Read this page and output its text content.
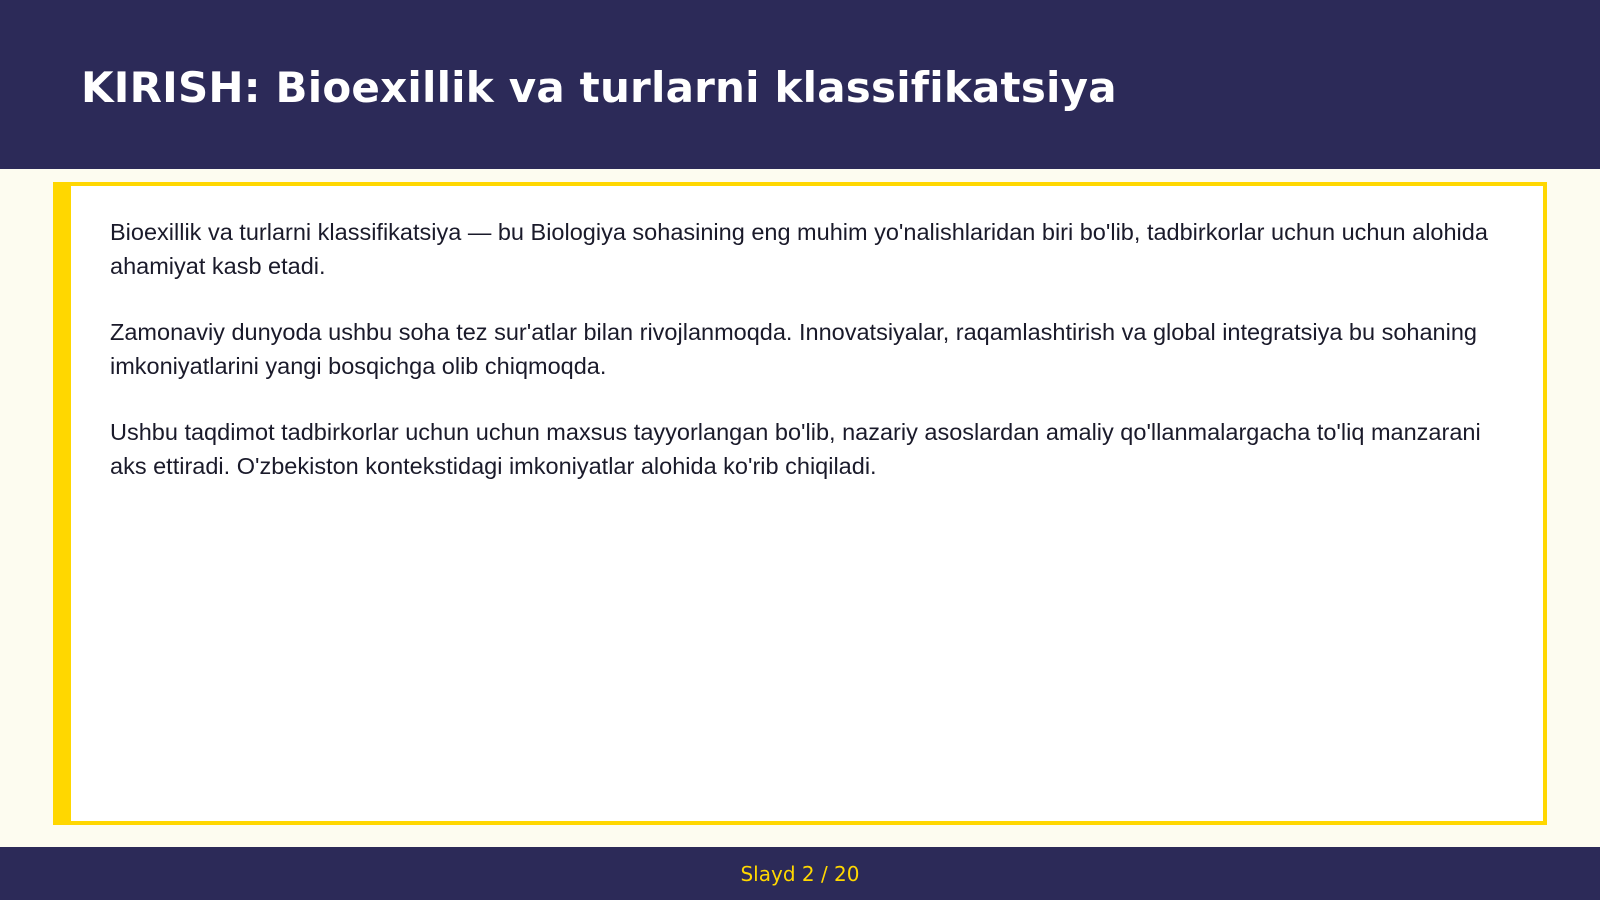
KIRISH: Bioexillik va turlarni klassifikatsiya

Bioexillik va turlarni klassifikatsiya — bu Biologiya sohasining eng muhim yo'nalishlaridan biri bo'lib, tadbirkorlar uchun uchun alohida ahamiyat kasb etadi.

Zamonaviy dunyoda ushbu soha tez sur'atlar bilan rivojlanmoqda. Innovatsiyalar, raqamlashtirish va global integratsiya bu sohaning imkoniyatlarini yangi bosqichga olib chiqmoqda.

Ushbu taqdimot tadbirkorlar uchun uchun maxsus tayyorlangan bo'lib, nazariy asoslardan amaliy qo'llanmalargacha to'liq manzarani aks ettiradi. O'zbekiston kontekstidagi imkoniyatlar alohida ko'rib chiqiladi.

Slayd 2 / 20
